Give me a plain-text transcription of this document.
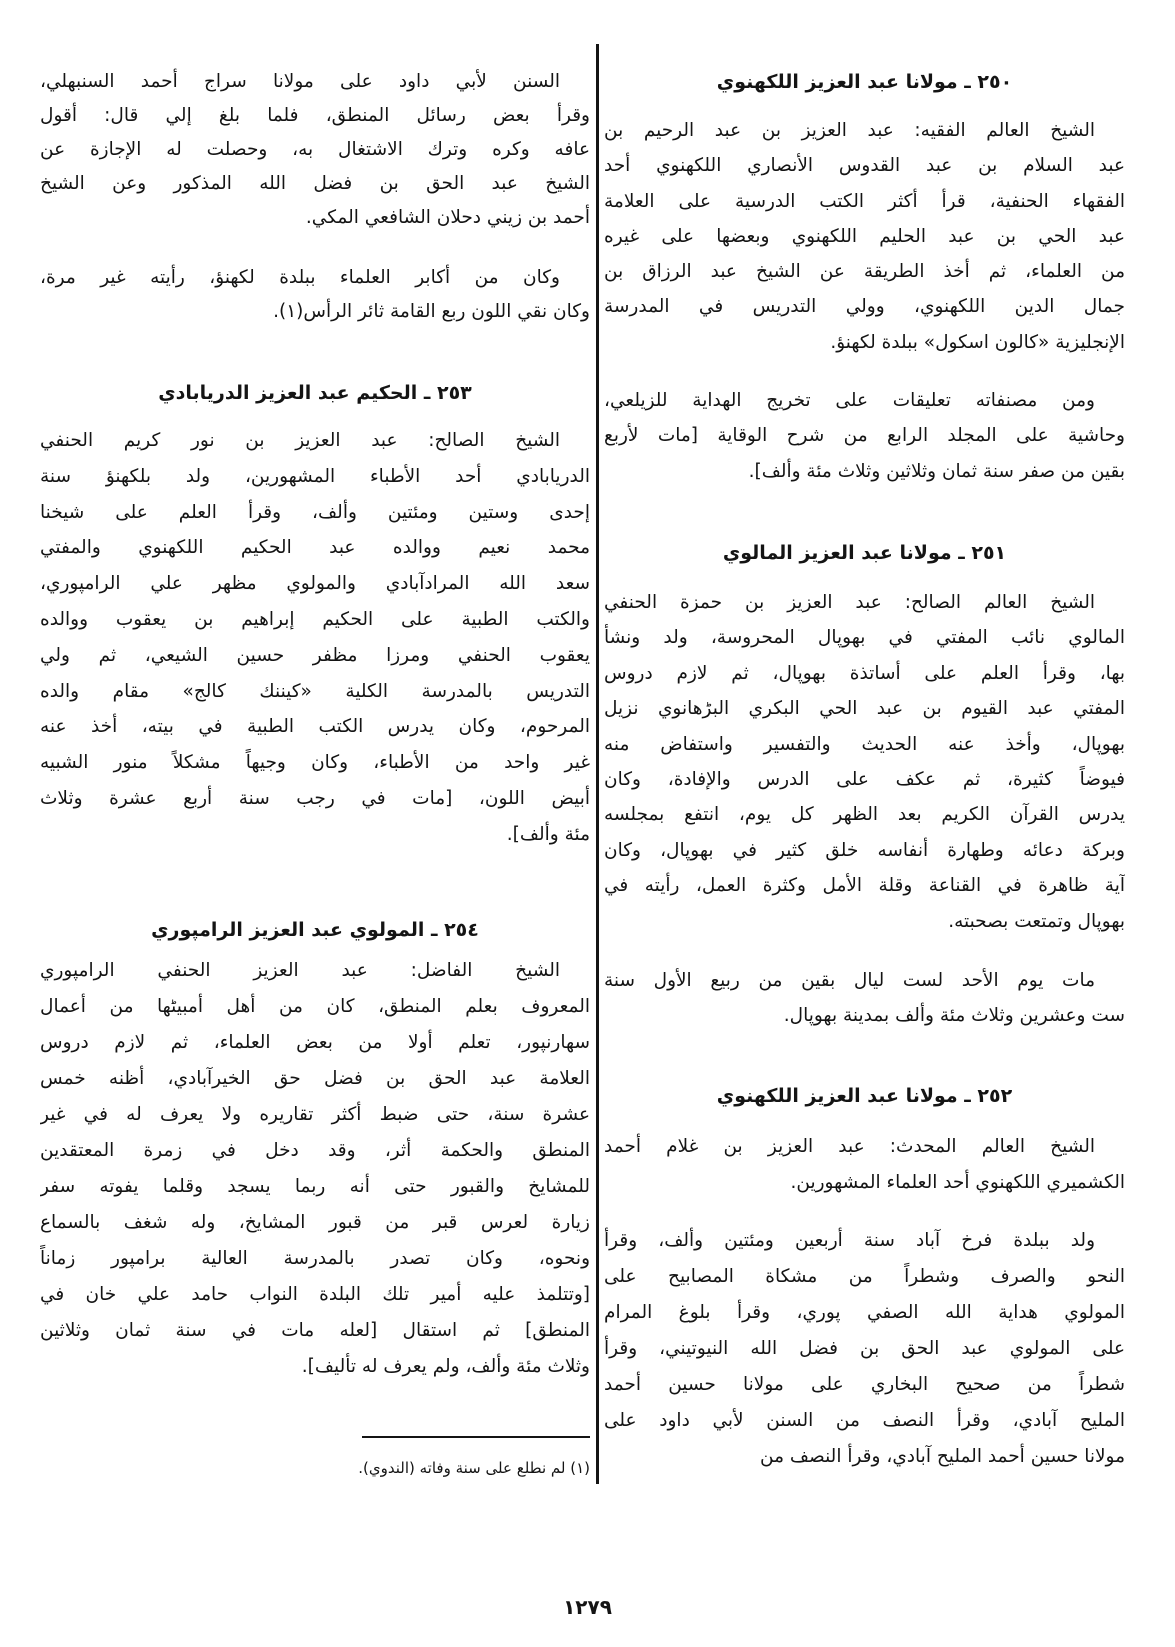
٢٥٠ ـ مولانا عبد العزيز اللكهنوي
الشيخ العالم الفقيه: عبد العزيز بن عبد الرحيم بن
عبد السلام بن عبد القدوس الأنصاري اللكهنوي أحد
الفقهاء الحنفية، قرأ أكثر الكتب الدرسية على العلامة
عبد الحي بن عبد الحليم اللكهنوي وبعضها على غيره
من العلماء، ثم أخذ الطريقة عن الشيخ عبد الرزاق بن
جمال الدين اللكهنوي، وولي التدريس في المدرسة
الإنجليزية «كالون اسكول» ببلدة لكهنؤ.
ومن مصنفاته تعليقات على تخريج الهداية للزيلعي،
وحاشية على المجلد الرابع من شرح الوقاية [مات لأربع
بقين من صفر سنة ثمان وثلاثين وثلاث مئة وألف].
٢٥١ ـ مولانا عبد العزيز المالوي
الشيخ العالم الصالح: عبد العزيز بن حمزة الحنفي
المالوي نائب المفتي في بهوپال المحروسة، ولد ونشأ
بها، وقرأ العلم على أساتذة بهوپال، ثم لازم دروس
المفتي عبد القيوم بن عبد الحي البكري البڑهانوي نزيل
بهوپال، وأخذ عنه الحديث والتفسير واستفاض منه
فيوضاً كثيرة، ثم عكف على الدرس والإفادة، وكان
يدرس القرآن الكريم بعد الظهر كل يوم، انتفع بمجلسه
وبركة دعائه وطهارة أنفاسه خلق كثير في بهوپال، وكان
آية ظاهرة في القناعة وقلة الأمل وكثرة العمل، رأيته في
بهوپال وتمتعت بصحبته.
مات يوم الأحد لست ليال بقين من ربيع الأول سنة
ست وعشرين وثلاث مئة وألف بمدينة بهوپال.
٢٥٢ ـ مولانا عبد العزيز اللكهنوي
الشيخ العالم المحدث: عبد العزيز بن غلام أحمد
الكشميري اللكهنوي أحد العلماء المشهورين.
ولد ببلدة فرخ آباد سنة أربعين ومئتين وألف، وقرأ
النحو والصرف وشطراً من مشكاة المصابيح على
المولوي هداية الله الصفي پوري، وقرأ بلوغ المرام
على المولوي عبد الحق بن فضل الله النيوتيني، وقرأ
شطراً من صحيح البخاري على مولانا حسين أحمد
المليح آبادي، وقرأ النصف من السنن لأبي داود على
مولانا حسين أحمد المليح آبادي، وقرأ النصف من
السنن لأبي داود على مولانا سراج أحمد السنبهلي،
وقرأ بعض رسائل المنطق، فلما بلغ إلي قال: أقول
عافه وكره وترك الاشتغال به، وحصلت له الإجازة عن
الشيخ عبد الحق بن فضل الله المذكور وعن الشيخ
أحمد بن زيني دحلان الشافعي المكي.
وكان من أكابر العلماء ببلدة لكهنؤ، رأيته غير مرة،
وكان نقي اللون ربع القامة ثائر الرأس(١).
٢٥٣ ـ الحكيم عبد العزيز الدريابادي
الشيخ الصالح: عبد العزيز بن نور كريم الحنفي
الدريابادي أحد الأطباء المشهورين، ولد بلكهنؤ سنة
إحدى وستين ومئتين وألف، وقرأ العلم على شيخنا
محمد نعيم ووالده عبد الحكيم اللكهنوي والمفتي
سعد الله المرادآبادي والمولوي مظهر علي الرامپوري،
والكتب الطبية على الحكيم إبراهيم بن يعقوب ووالده
يعقوب الحنفي ومرزا مظفر حسين الشيعي، ثم ولي
التدريس بالمدرسة الكلية «كيننك كالج» مقام والده
المرحوم، وكان يدرس الكتب الطبية في بيته، أخذ عنه
غير واحد من الأطباء، وكان وجيهاً مشكلاً منور الشبيه
أبيض اللون، [مات في رجب سنة أربع عشرة وثلاث
مئة وألف].
٢٥٤ ـ المولوي عبد العزيز الرامپوري
الشيخ الفاضل: عبد العزيز الحنفي الرامپوري
المعروف بعلم المنطق، كان من أهل أمبيٹها من أعمال
سهارنپور، تعلم أولا من بعض العلماء، ثم لازم دروس
العلامة عبد الحق بن فضل حق الخيرآبادي، أظنه خمس
عشرة سنة، حتى ضبط أكثر تقاريره ولا يعرف له في غير
المنطق والحكمة أثر، وقد دخل في زمرة المعتقدين
للمشايخ والقبور حتى أنه ربما يسجد وقلما يفوته سفر
زيارة لعرس قبر من قبور المشايخ، وله شغف بالسماع
ونحوه، وكان تصدر بالمدرسة العالية برامپور زماناً
[وتتلمذ عليه أمير تلك البلدة النواب حامد علي خان في
المنطق] ثم استقال [لعله مات في سنة ثمان وثلاثين
وثلاث مئة وألف، ولم يعرف له تأليف].
(١) لم نطلع على سنة وفاته (الندوي).
١٢٧٩
